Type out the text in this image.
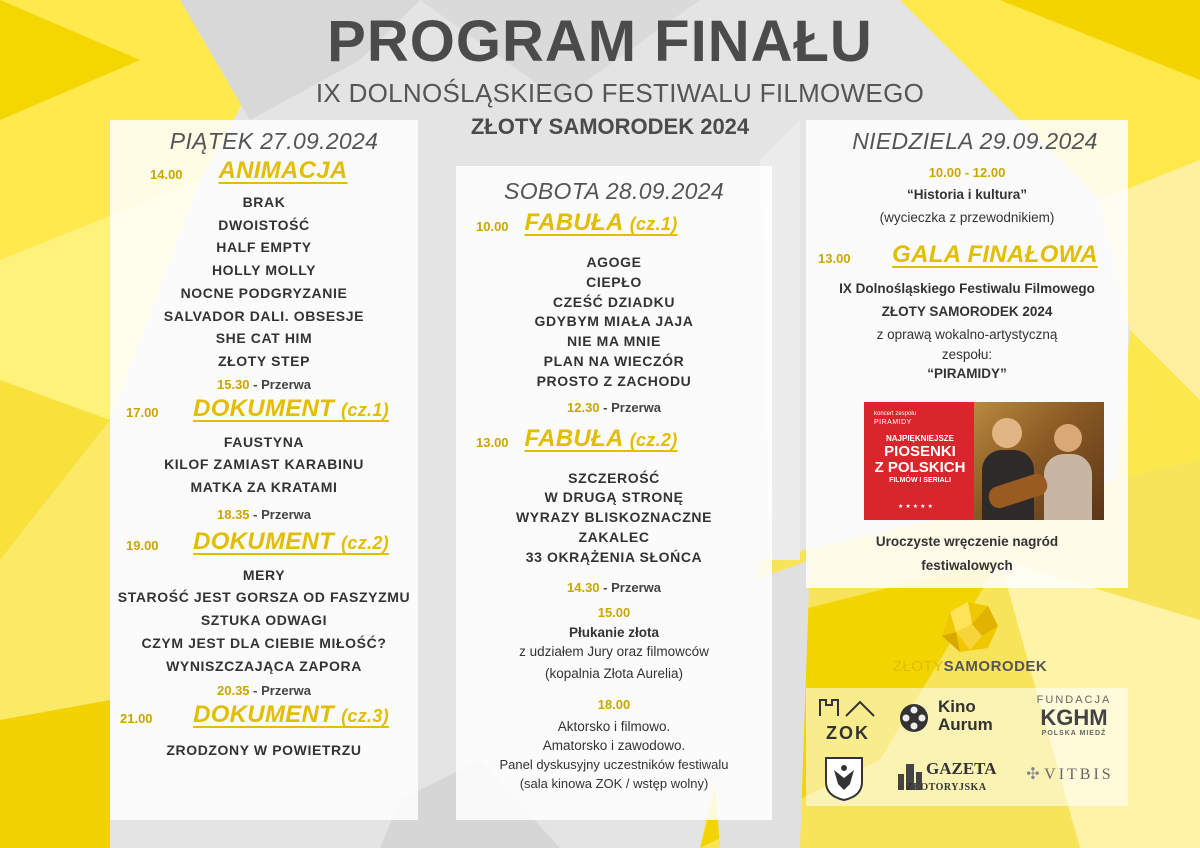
PROGRAM FINAŁU
IX DOLNOŚLĄSKIEGO FESTIWALU FILMOWEGO
ZŁOTY SAMORODEK 2024
PIĄTEK 27.09.2024
14.00 ANIMACJA
BRAK
DWOISTOŚĆ
HALF EMPTY
HOLLY MOLLY
NOCNE PODGRYZANIE
SALVADOR DALI. OBSESJE
SHE CAT HIM
ZŁOTY STEP
15.30 - Przerwa
17.00 DOKUMENT (cz.1)
FAUSTYNA
KILOF ZAMIAST KARABINU
MATKA ZA KRATAMI
18.35 - Przerwa
19.00 DOKUMENT (cz.2)
MERY
STAROŚĆ JEST GORSZA OD FASZYZMU
SZTUKA ODWAGI
CZYM JEST DLA CIEBIE MIŁOŚĆ?
WYNISZCZAJĄCA ZAPORA
20.35 - Przerwa
21.00 DOKUMENT (cz.3)
ZRODZONY W POWIETRZU
SOBOTA 28.09.2024
10.00 FABUŁA (cz.1)
AGOGE
CIEPŁO
CZEŚĆ DZIADKU
GDYBYM MIAŁA JAJA
NIE MA MNIE
PLAN NA WIECZÓR
PROSTO Z ZACHODU
12.30 - Przerwa
13.00 FABUŁA (cz.2)
SZCZEROŚĆ
W DRUGĄ STRONĘ
WYRAZY BLISKOZNACZNE
ZAKALEC
33 OKRĄŻENIA SŁOŃCA
14.30 - Przerwa
15.00
Płukanie złota
z udziałem Jury oraz filmowców
(kopalnia Złota Aurelia)
18.00
Aktorsko i filmowo.
Amatorsko i zawodowo.
Panel dyskusyjny uczestników festiwalu
(sala kinowa ZOK / wstęp wolny)
NIEDZIELA 29.09.2024
10.00 - 12.00
“Historia i kultura”
(wycieczka z przewodnikiem)
13.00 GALA FINAŁOWA
IX Dolnośląskiego Festiwalu Filmowego
ZŁOTY SAMORODEK 2024
z oprawą wokalno-artystyczną
zespołu:
“PIRAMIDY”
Uroczyste wręczenie nagród
festiwalowych
koncert zespołu
PIRAMIDY
NAJPIĘKNIEJSZE
PIOSENKI
Z POLSKICH
FILMÓW I SERIALI
★★★★★
ZŁOTYSAMORODEK
ZOK
Kino
Aurum
FUNDACJA
KGHM
POLSKA MIEDŹ
GAZETA
ZŁOTORYJSKA
✣ VITBIS
